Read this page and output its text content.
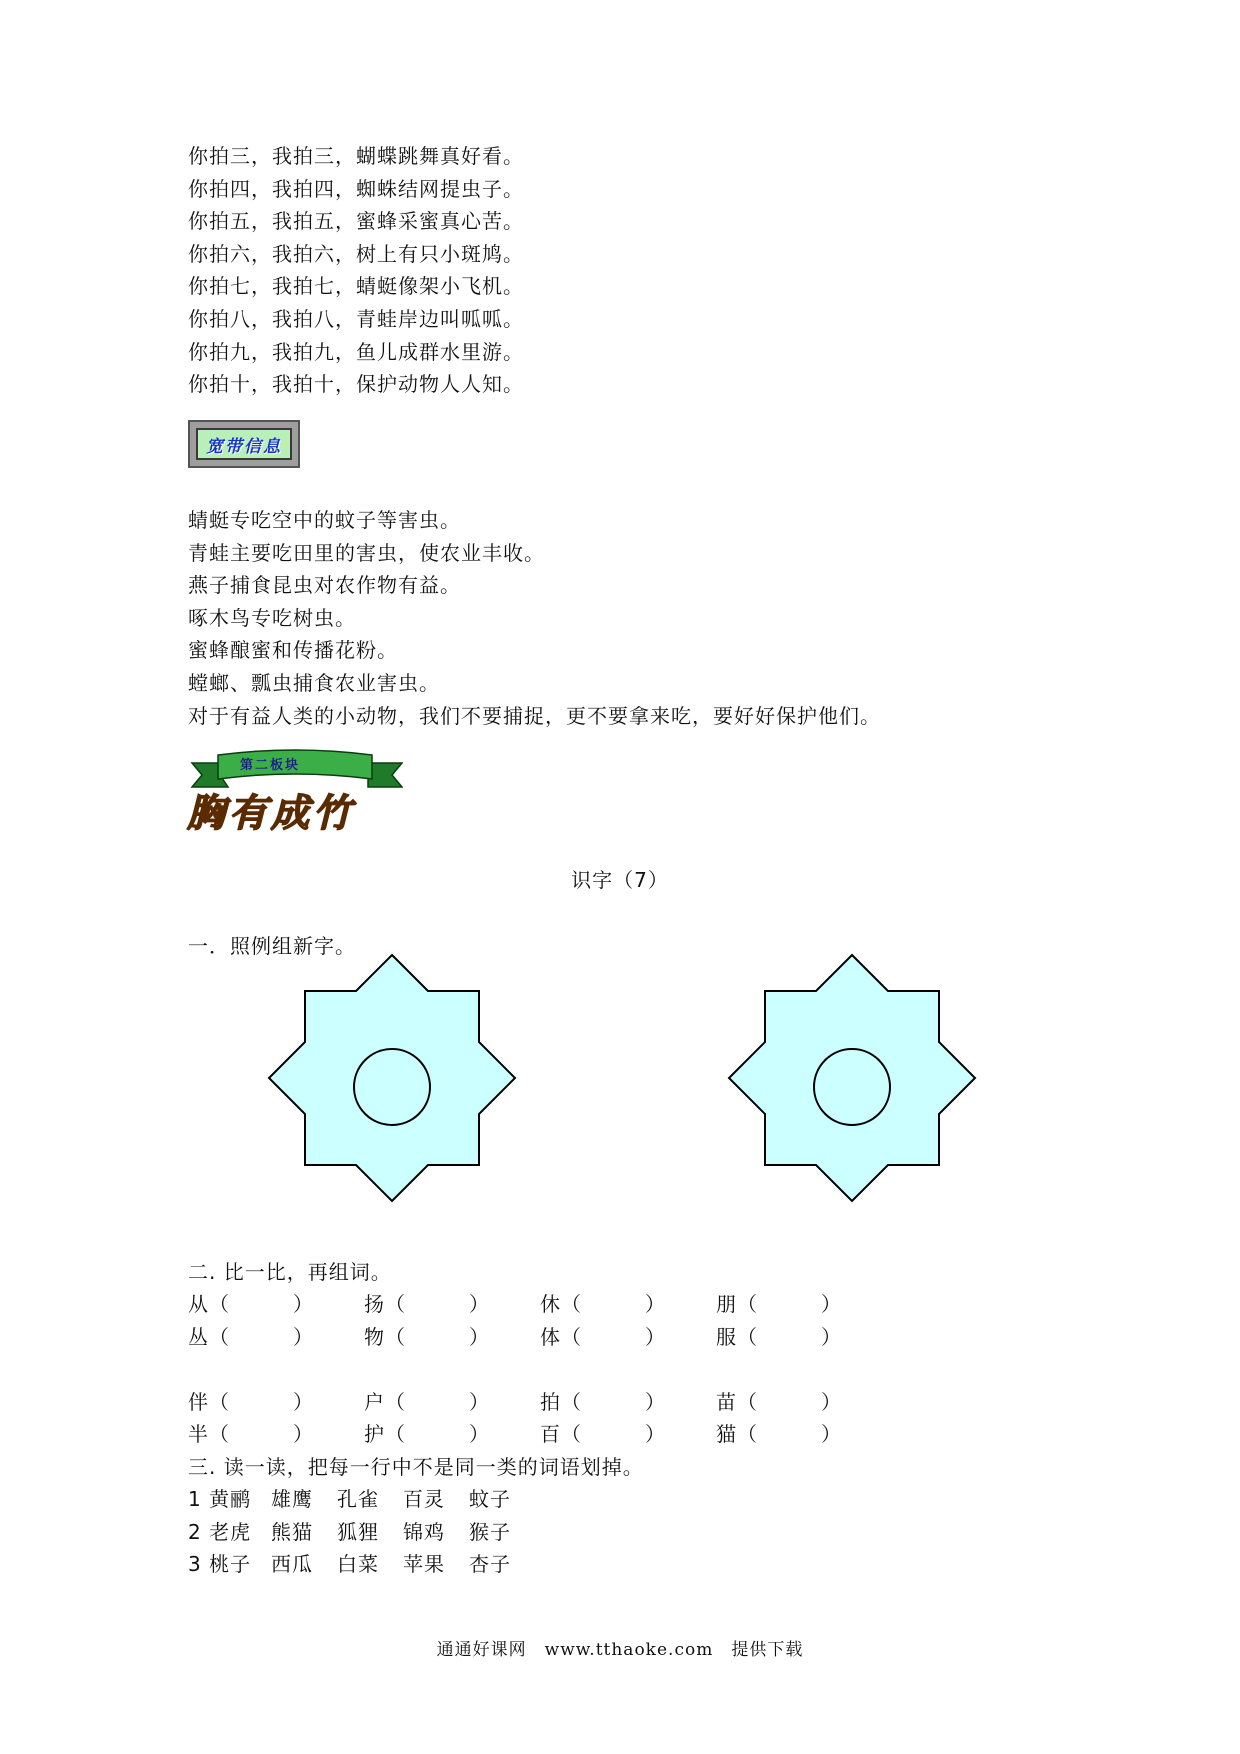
你拍三，我拍三，蝴蝶跳舞真好看。
你拍四，我拍四，蜘蛛结网提虫子。
你拍五，我拍五，蜜蜂采蜜真心苦。
你拍六，我拍六，树上有只小斑鸠。
你拍七，我拍七，蜻蜓像架小飞机。
你拍八，我拍八，青蛙岸边叫呱呱。
你拍九，我拍九，鱼儿成群水里游。
你拍十，我拍十，保护动物人人知。
宽带信息
蜻蜓专吃空中的蚊子等害虫。
青蛙主要吃田里的害虫，使农业丰收。
燕子捕食昆虫对农作物有益。
啄木鸟专吃树虫。
蜜蜂酿蜜和传播花粉。
螳螂、瓢虫捕食农业害虫。
对于有益人类的小动物，我们不要捕捉，更不要拿来吃，要好好保护他们。
第二板块
胸有成竹
识字（7）
一．照例组新字。
二. 比一比，再组词。
从（　　　）	扬（　　　）	休（　　　）	朋（　　　）
丛（　　　）	物（　　　）	体（　　　）	服（　　　）
伴（　　　）	户（　　　）	拍（　　　）	苗（　　　）
半（　　　）	护（　　　）	百（　　　）	猫（　　　）
三. 读一读，把每一行中不是同一类的词语划掉。
1 黄鹂 雄鹰 孔雀 百灵 蚊子
2 老虎 熊猫 狐狸 锦鸡 猴子
3 桃子 西瓜 白菜 苹果 杏子
通通好课网　www.tthaoke.com　提供下载
